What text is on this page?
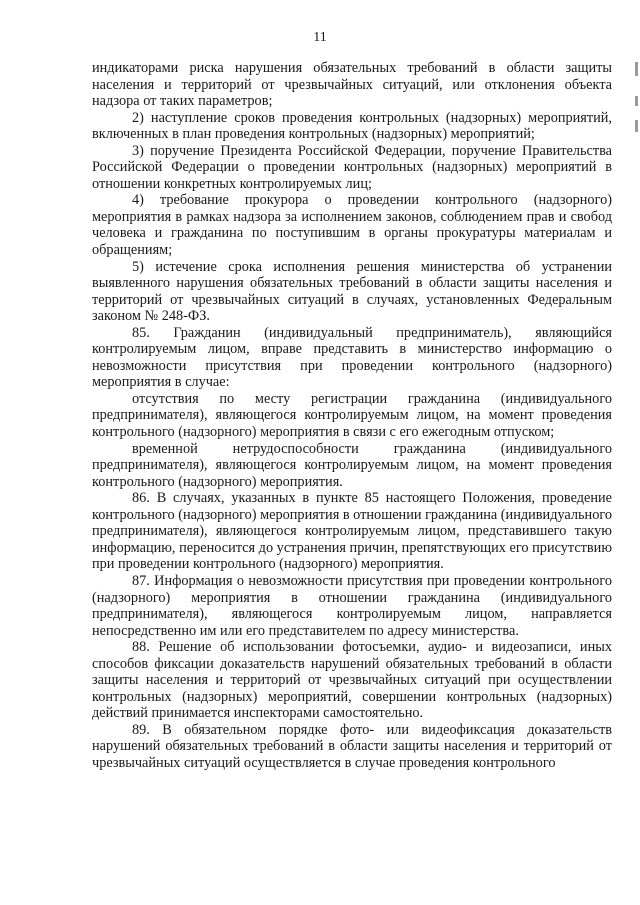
11

индикаторами риска нарушения обязательных требований в области защиты населения и территорий от чрезвычайных ситуаций, или отклонения объекта надзора от таких параметров;

2) наступление сроков проведения контрольных (надзорных) мероприятий, включенных в план проведения контрольных (надзорных) мероприятий;

3) поручение Президента Российской Федерации, поручение Правительства Российской Федерации о проведении контрольных (надзорных) мероприятий в отношении конкретных контролируемых лиц;

4) требование прокурора о проведении контрольного (надзорного) мероприятия в рамках надзора за исполнением законов, соблюдением прав и свобод человека и гражданина по поступившим в органы прокуратуры материалам и обращениям;

5) истечение срока исполнения решения министерства об устранении выявленного нарушения обязательных требований в области защиты населения и территорий от чрезвычайных ситуаций в случаях, установленных Федеральным законом № 248-ФЗ.

85. Гражданин (индивидуальный предприниматель), являющийся контролируемым лицом, вправе представить в министерство информацию о невозможности присутствия при проведении контрольного (надзорного) мероприятия в случае:

отсутствия по месту регистрации гражданина (индивидуального предпринимателя), являющегося контролируемым лицом, на момент проведения контрольного (надзорного) мероприятия в связи с его ежегодным отпуском;

временной нетрудоспособности гражданина (индивидуального предпринимателя), являющегося контролируемым лицом, на момент проведения контрольного (надзорного) мероприятия.

86. В случаях, указанных в пункте 85 настоящего Положения, проведение контрольного (надзорного) мероприятия в отношении гражданина (индивидуального предпринимателя), являющегося контролируемым лицом, представившего такую информацию, переносится до устранения причин, препятствующих его присутствию при проведении контрольного (надзорного) мероприятия.

87. Информация о невозможности присутствия при проведении контрольного (надзорного) мероприятия в отношении гражданина (индивидуального предпринимателя), являющегося контролируемым лицом, направляется непосредственно им или его представителем по адресу министерства.

88. Решение об использовании фотосъемки, аудио- и видеозаписи, иных способов фиксации доказательств нарушений обязательных требований в области защиты населения и территорий от чрезвычайных ситуаций при осуществлении контрольных (надзорных) мероприятий, совершении контрольных (надзорных) действий принимается инспекторами самостоятельно.

89. В обязательном порядке фото- или видеофиксация доказательств нарушений обязательных требований в области защиты населения и территорий от чрезвычайных ситуаций осуществляется в случае проведения контрольного
